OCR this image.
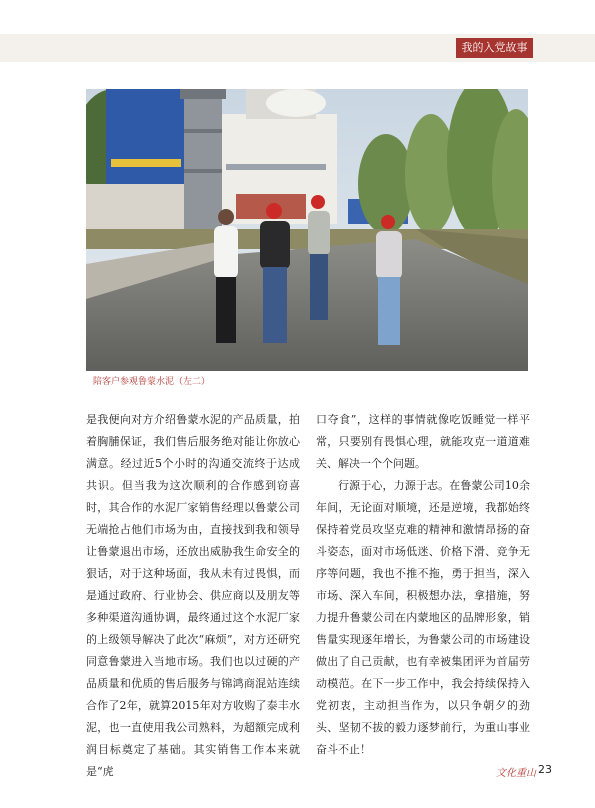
我的入党故事
陪客户参观鲁蒙水泥（左二）

是我便向对方介绍鲁蒙水泥的产品质量，拍着胸脯保证，我们售后服务绝对能让你放心满意。经过近5个小时的沟通交流终于达成共识。但当我为这次顺利的合作感到窃喜时，其合作的水泥厂家销售经理以鲁蒙公司无端抢占他们市场为由，直接找到我和领导让鲁蒙退出市场，还放出威胁我生命安全的狠话，对于这种场面，我从未有过畏惧，而是通过政府、行业协会、供应商以及朋友等多种渠道沟通协调，最终通过这个水泥厂家的上级领导解决了此次“麻烦”，对方还研究同意鲁蒙进入当地市场。我们也以过硬的产品质量和优质的售后服务与锦鸿商混站连续合作了2年，就算2015年对方收购了泰丰水泥，也一直使用我公司熟料，为超额完成利润目标奠定了基础。其实销售工作本来就是“虎

口夺食”，这样的事情就像吃饭睡觉一样平常，只要别有畏惧心理，就能攻克一道道难关、解决一个个问题。

行源于心，力源于志。在鲁蒙公司10余年间，无论面对顺境，还是逆境，我都始终保持着党员攻坚克难的精神和激情昂扬的奋斗姿态，面对市场低迷、价格下滑、竞争无序等问题，我也不推不拖，勇于担当，深入市场、深入车间，积极想办法，拿措施，努力提升鲁蒙公司在内蒙地区的品牌形象，销售量实现逐年增长，为鲁蒙公司的市场建设做出了自己贡献，也有幸被集团评为首届劳动模范。在下一步工作中，我会持续保持入党初衷，主动担当作为，以只争朝夕的劲头、坚韧不拔的毅力逐梦前行，为重山事业奋斗不止！

文化重山 23
